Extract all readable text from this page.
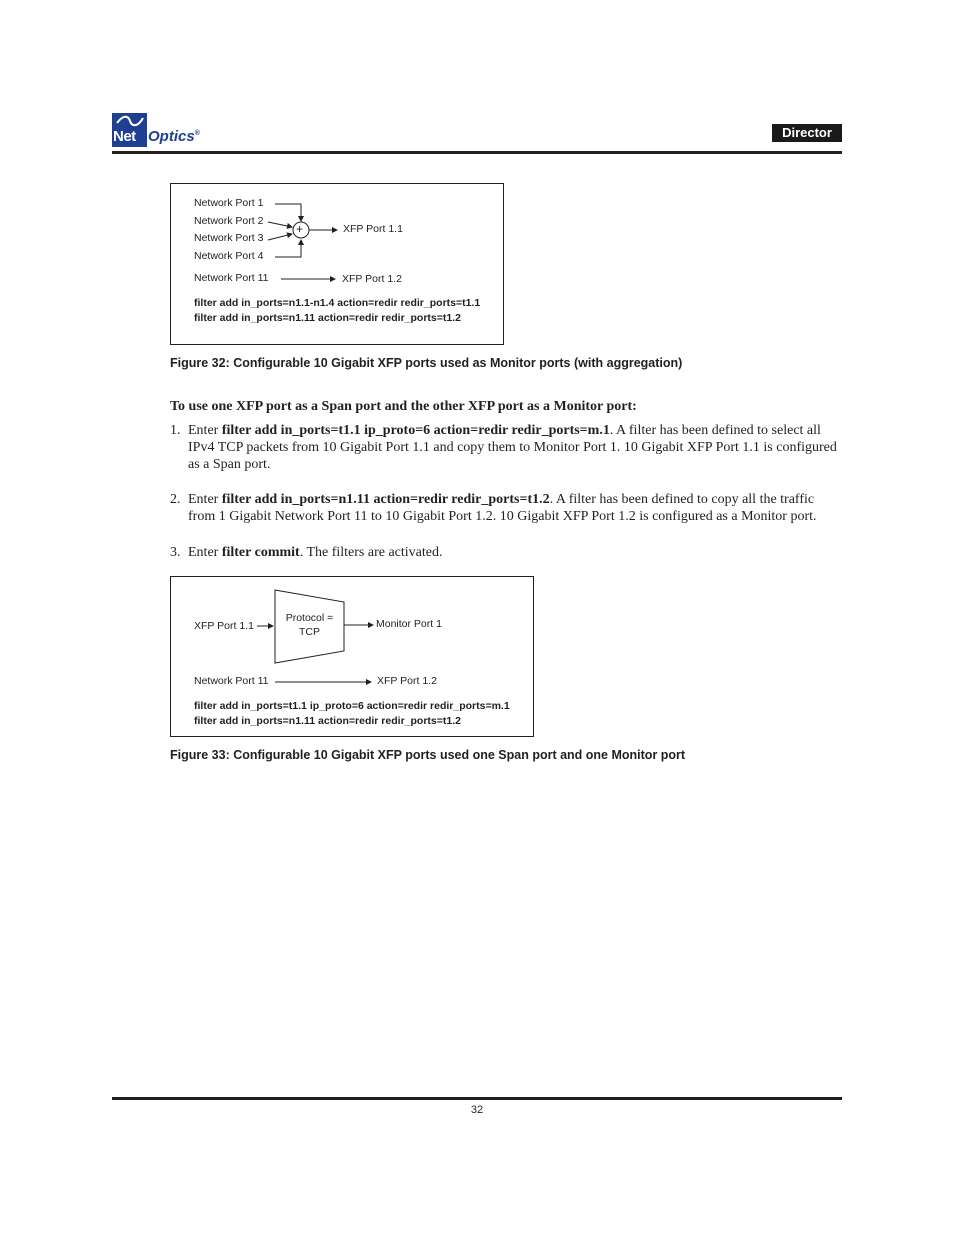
Net Optics®	Director
Network Port 1
Network Port 2
Network Port 3
Network Port 4
+	XFP Port 1.1
Network Port 11	XFP Port 1.2
filter add in_ports=n1.1-n1.4 action=redir redir_ports=t1.1
filter add in_ports=n1.11 action=redir redir_ports=t1.2
Figure 32: Configurable 10 Gigabit XFP ports used as Monitor ports (with aggregation)
To use one XFP port as a Span port and the other XFP port as a Monitor port:
1. Enter filter add in_ports=t1.1 ip_proto=6 action=redir redir_ports=m.1. A filter has been defined to select all IPv4 TCP packets from 10 Gigabit Port 1.1 and copy them to Monitor Port 1. 10 Gigabit XFP Port 1.1 is configured as a Span port.
2. Enter filter add in_ports=n1.11 action=redir redir_ports=t1.2. A filter has been defined to copy all the traffic from 1 Gigabit Network Port 11 to 10 Gigabit Port 1.2. 10 Gigabit XFP Port 1.2 is configured as a Monitor port.
3. Enter filter commit. The filters are activated.
XFP Port 1.1
Protocol =
TCP
Monitor Port 1
Network Port 11	XFP Port 1.2
filter add in_ports=t1.1 ip_proto=6 action=redir redir_ports=m.1
filter add in_ports=n1.11 action=redir redir_ports=t1.2
Figure 33: Configurable 10 Gigabit XFP ports used one Span port and one Monitor port
32
